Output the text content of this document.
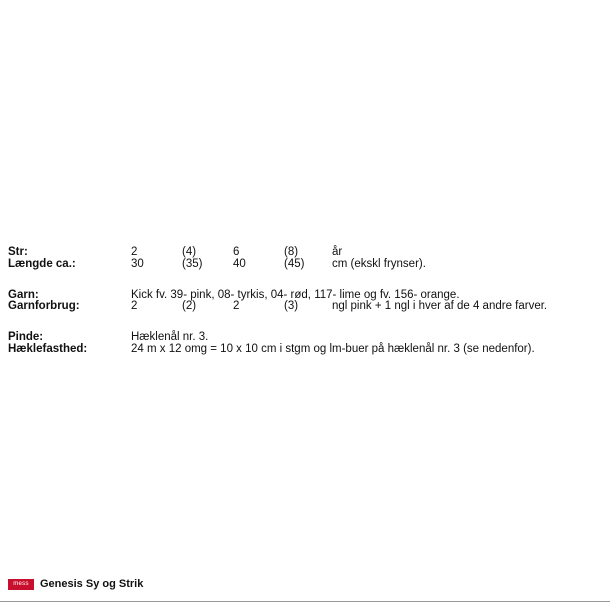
Str:	2	(4)	6	(8)	år
Længde ca.:	30	(35)	40	(45)	cm (ekskl frynser).

Garn:	Kick fv. 39- pink, 08- tyrkis, 04- rød, 117- lime og fv. 156- orange.				
Garnforbrug:	2	(2)	2	(3)	ngl pink + 1 ngl i hver af de 4 andre farver.

Pinde:	Hæklenål nr. 3.				
Hæklefasthed:	24 m x 12 omg = 10 x 10 cm i stgm og lm-buer på hæklenål nr. 3 (se nedenfor).				
mess	Genesis Sy og Strik
